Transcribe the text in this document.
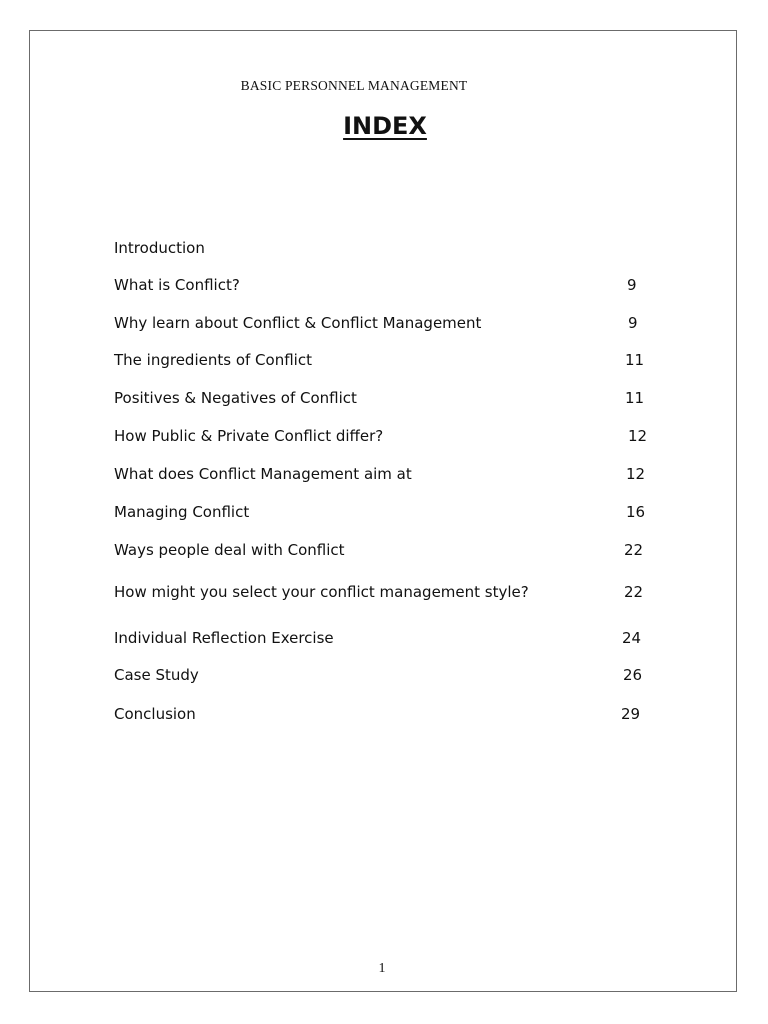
BASIC PERSONNEL MANAGEMENT
INDEX
Introduction
What is Conflict?	9
Why learn about Conflict & Conflict Management	9
The ingredients of Conflict	11
Positives & Negatives of Conflict	11
How Public & Private Conflict differ?	12
What does Conflict Management aim at	12
Managing Conflict	16
Ways people deal with Conflict	22
How might you select your conflict management style?	22
Individual Reflection Exercise	24
Case Study	26
Conclusion	29
1
